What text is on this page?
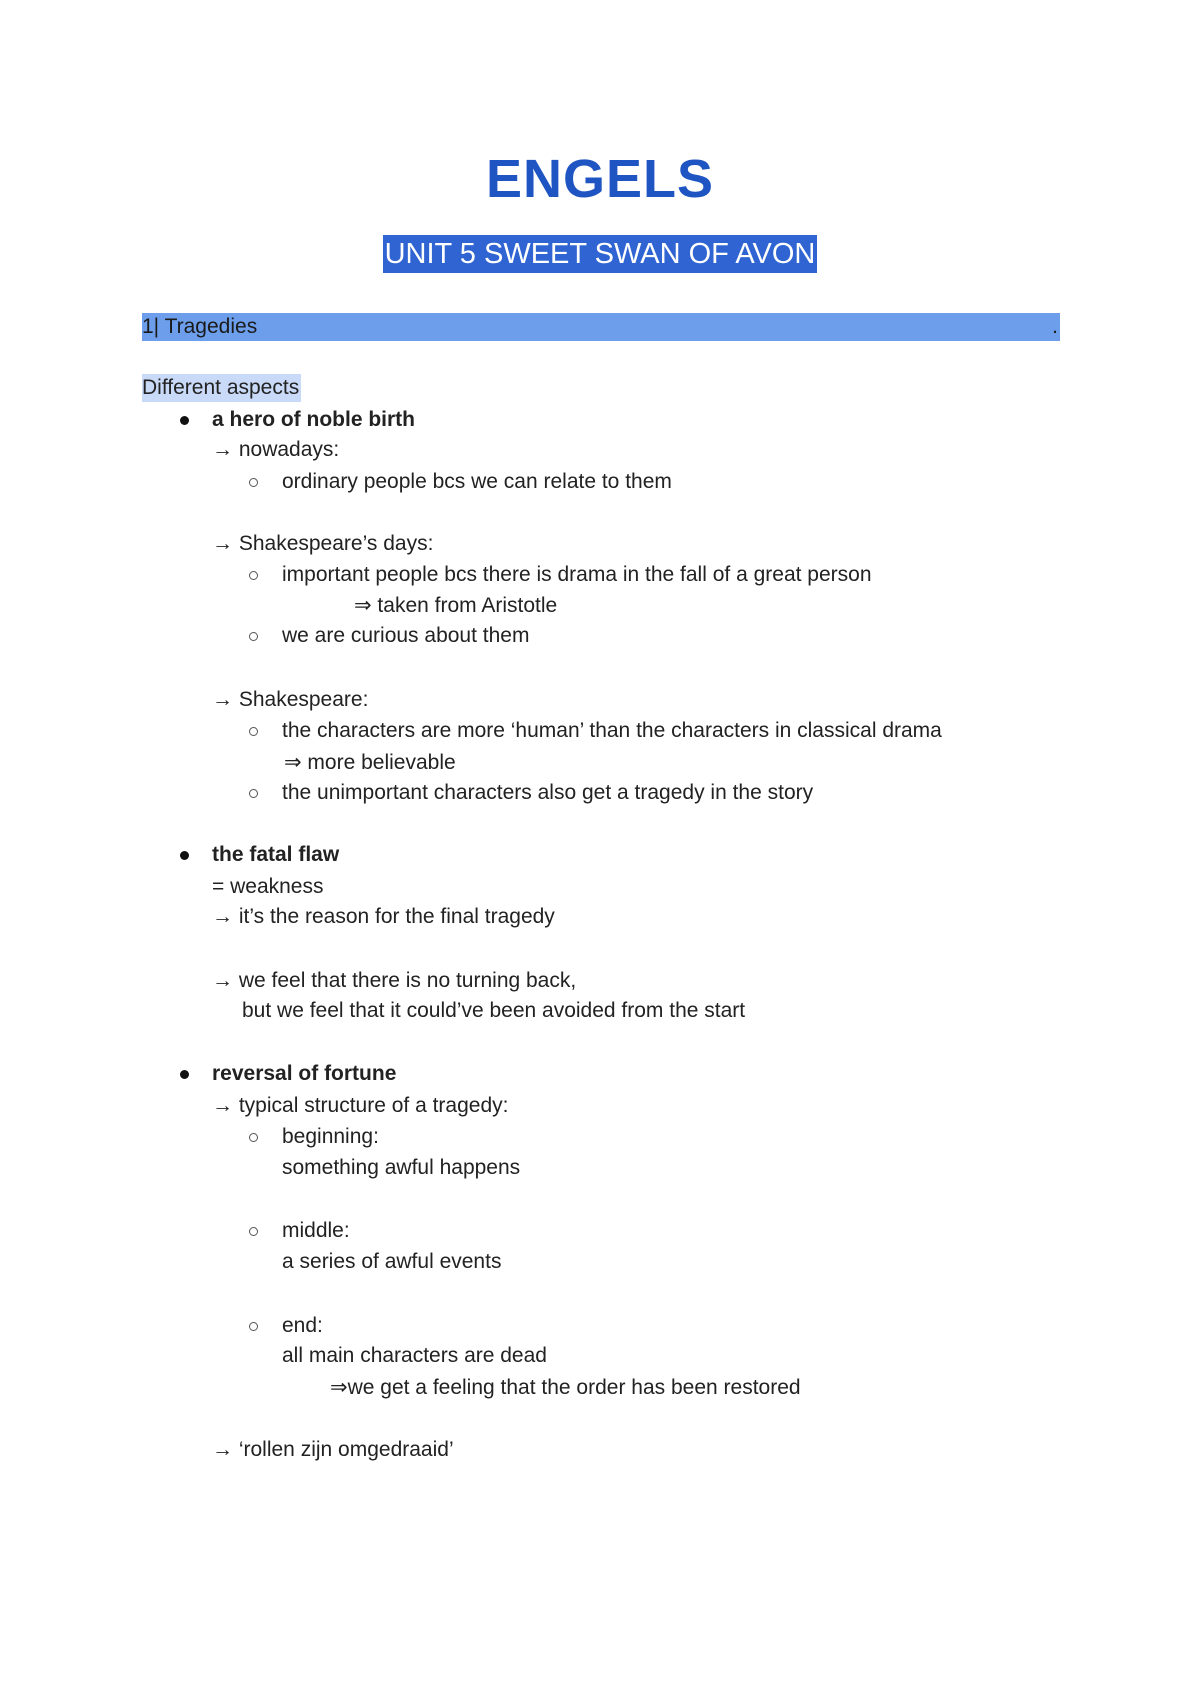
ENGELS
UNIT 5 SWEET SWAN OF AVON
1| Tragedies	.
Different aspects
a hero of noble birth
→ nowadays:
ordinary people bcs we can relate to them
→ Shakespeare’s days:
important people bcs there is drama in the fall of a great person
⇒ taken from Aristotle
we are curious about them
→ Shakespeare:
the characters are more ‘human’ than the characters in classical drama
⇒ more believable
the unimportant characters also get a tragedy in the story
the fatal flaw
= weakness
→ it’s the reason for the final tragedy
→ we feel that there is no turning back,
but we feel that it could’ve been avoided from the start
reversal of fortune
→ typical structure of a tragedy:
beginning:
something awful happens
middle:
a series of awful events
end:
all main characters are dead
⇒we get a feeling that the order has been restored
→ ‘rollen zijn omgedraaid’
